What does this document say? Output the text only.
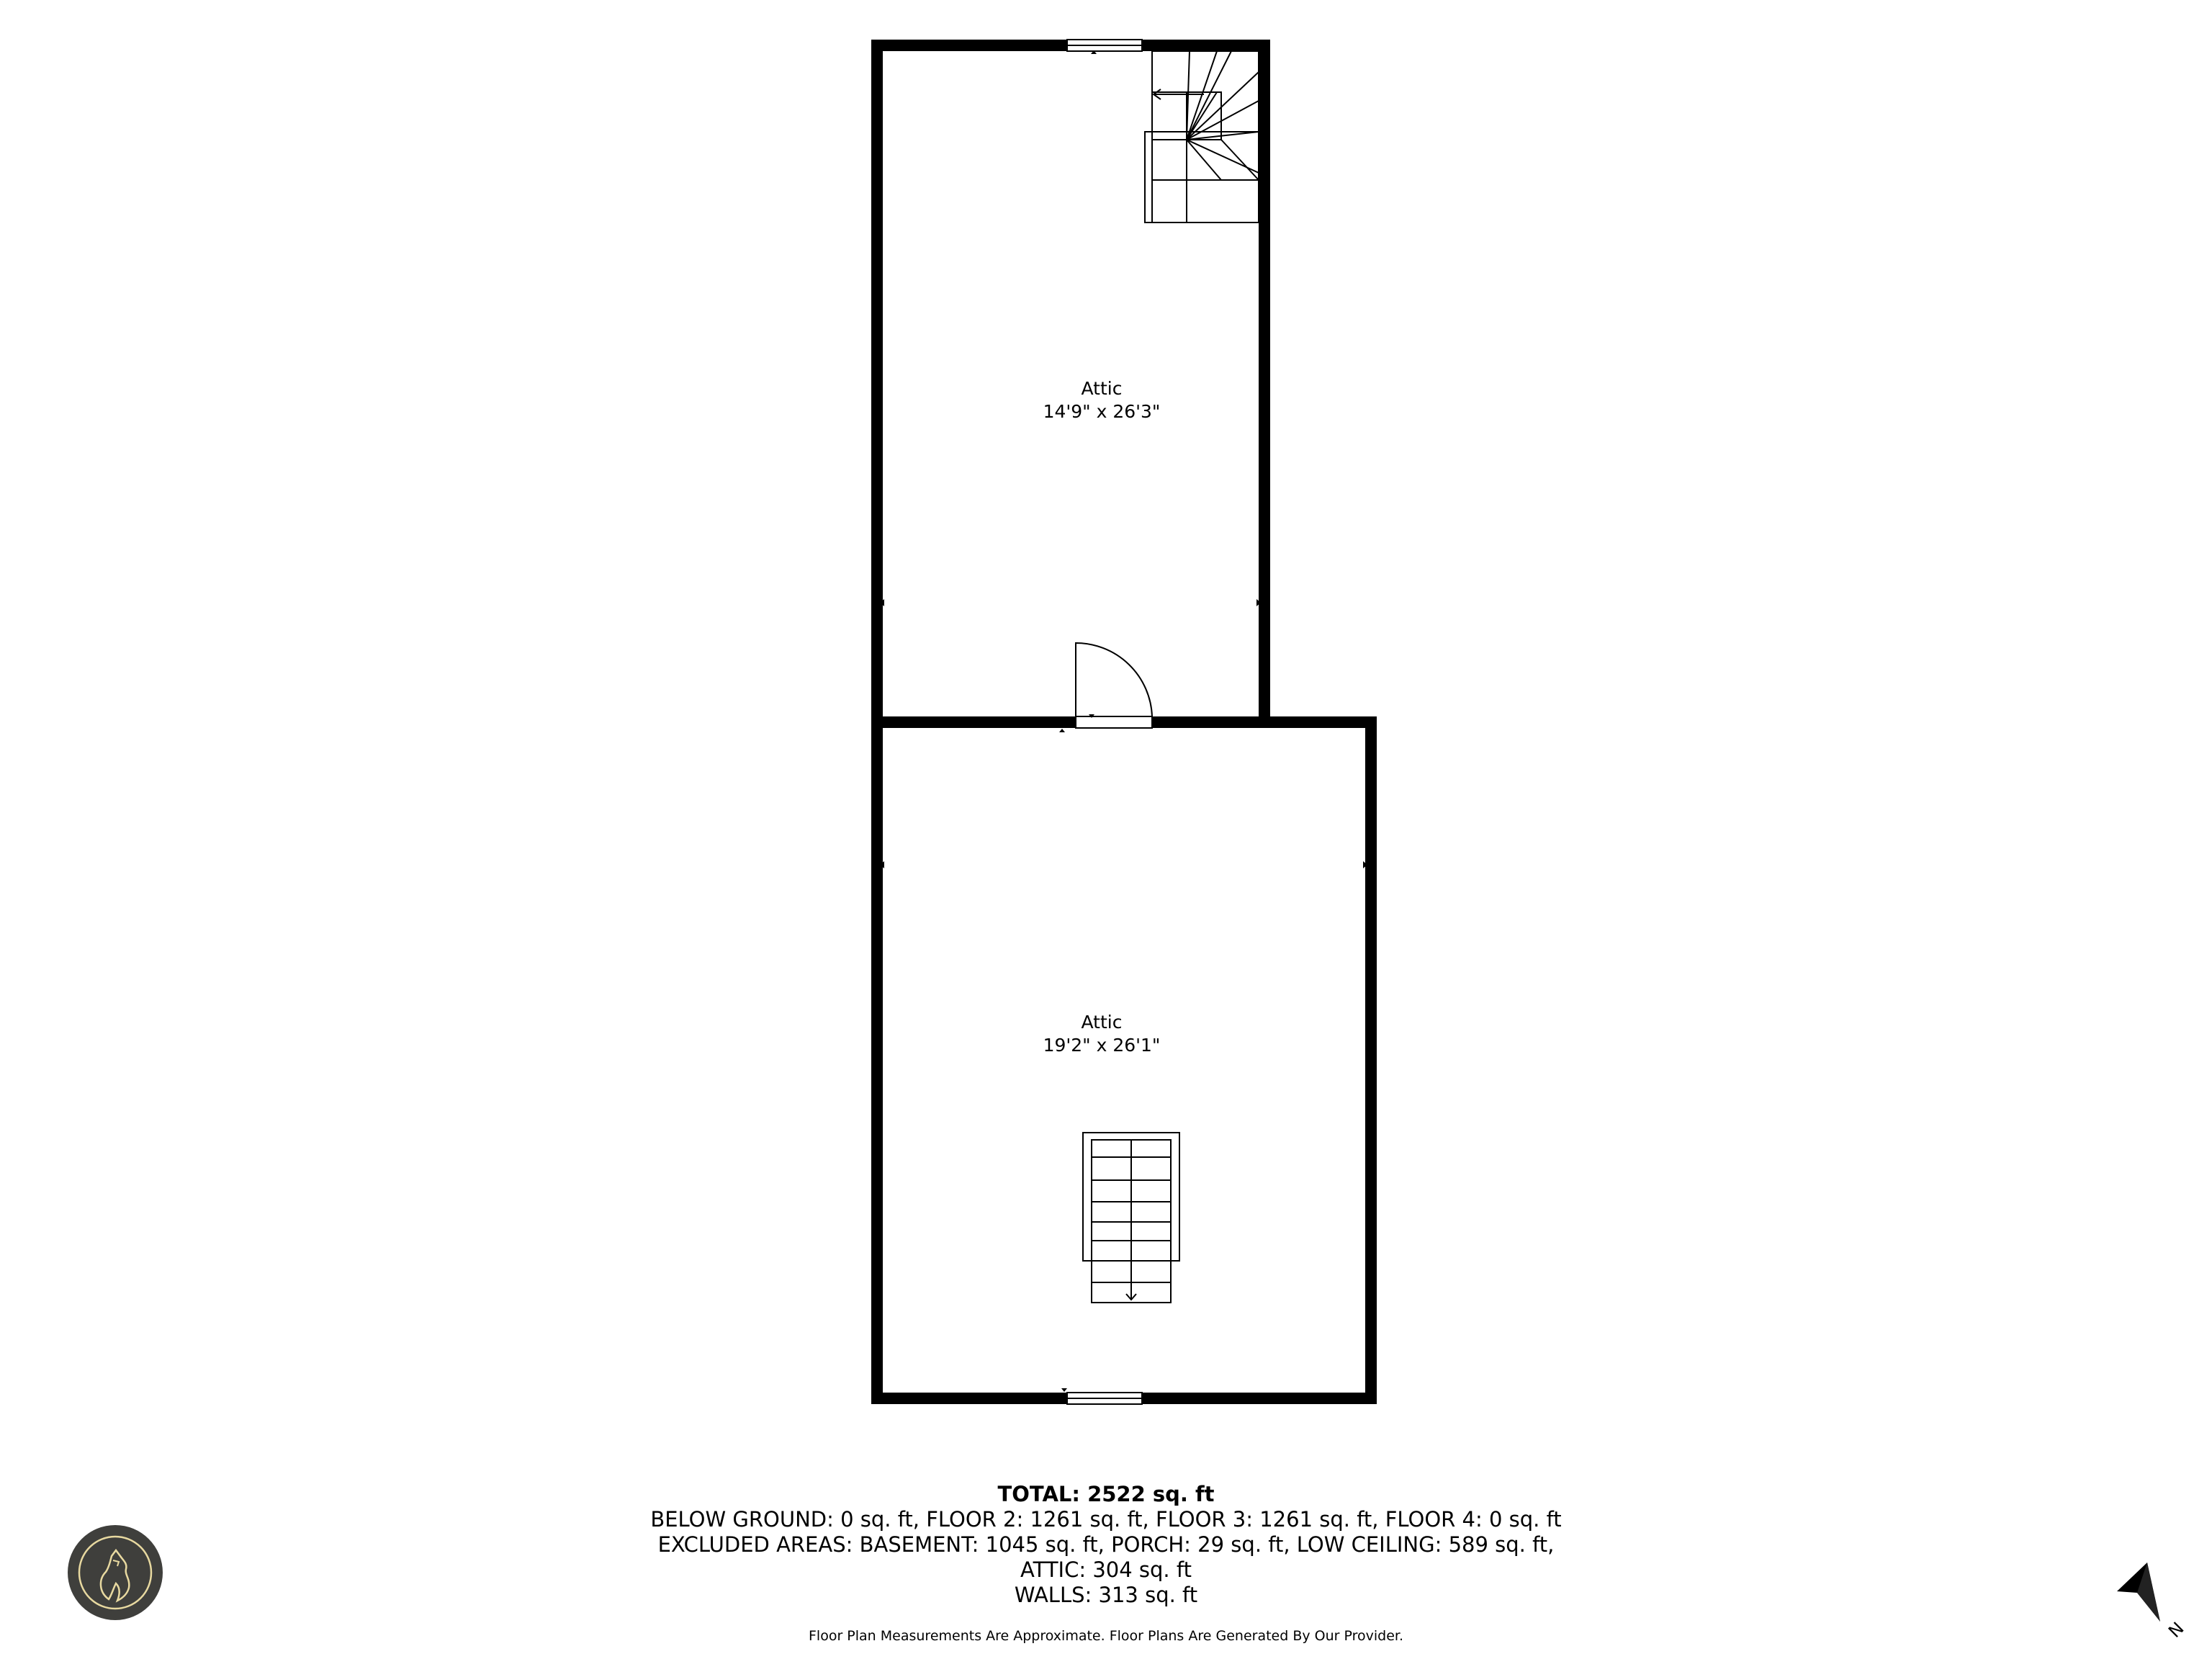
Attic
14'9" x 26'3"
Attic
19'2" x 26'1"
TOTAL: 2522 sq. ft
BELOW GROUND: 0 sq. ft, FLOOR 2: 1261 sq. ft, FLOOR 3: 1261 sq. ft, FLOOR 4: 0 sq. ft
EXCLUDED AREAS: BASEMENT: 1045 sq. ft, PORCH: 29 sq. ft, LOW CEILING: 589 sq. ft,
ATTIC: 304 sq. ft
WALLS: 313 sq. ft
Floor Plan Measurements Are Approximate. Floor Plans Are Generated By Our Provider.	N
